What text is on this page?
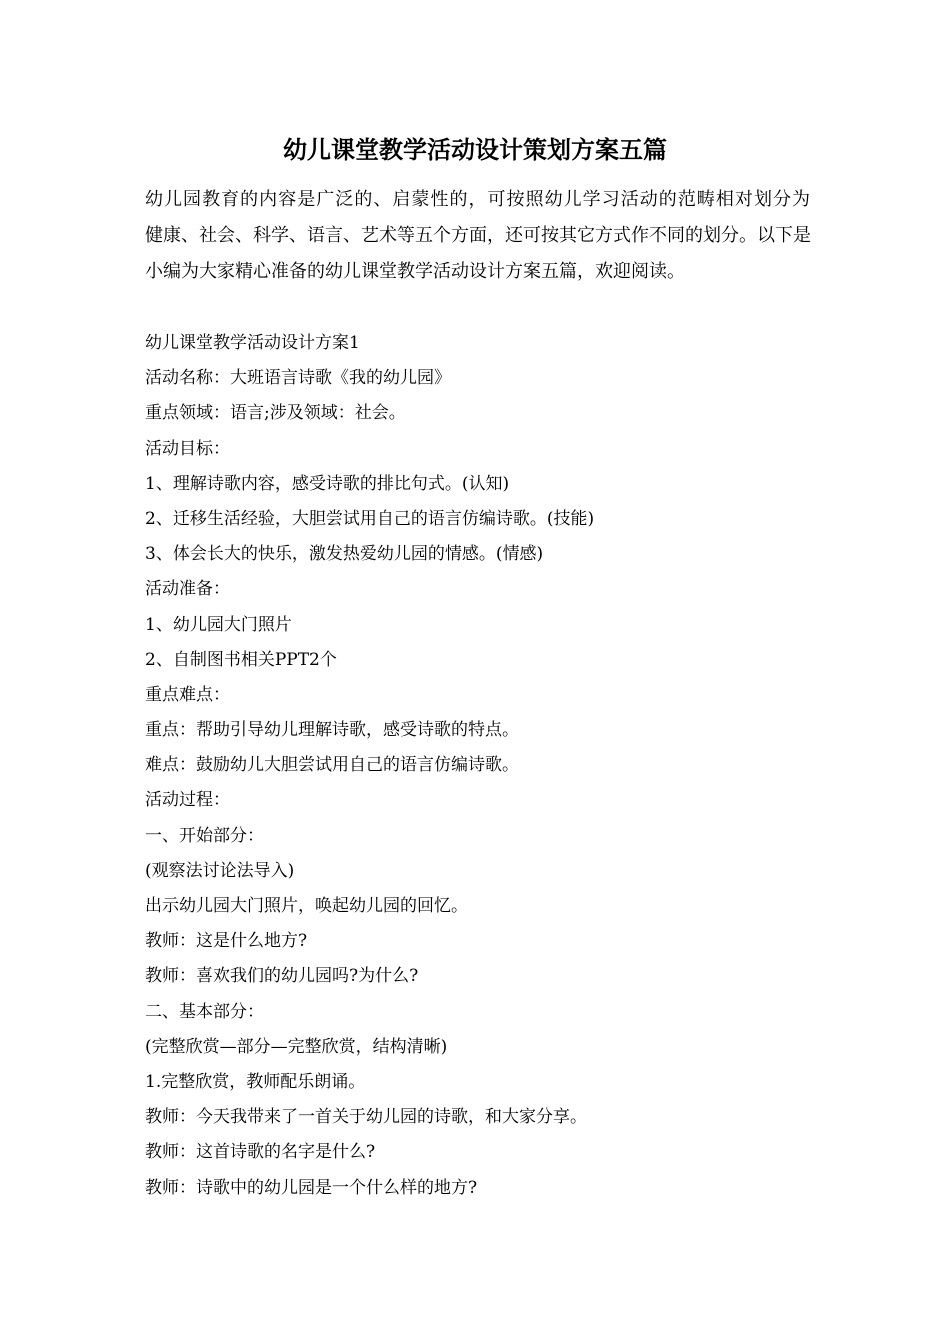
幼儿课堂教学活动设计策划方案五篇
幼儿园教育的内容是广泛的、启蒙性的，可按照幼儿学习活动的范畴相对划分为
健康、社会、科学、语言、艺术等五个方面，还可按其它方式作不同的划分。以下是
小编为大家精心准备的幼儿课堂教学活动设计方案五篇，欢迎阅读。
幼儿课堂教学活动设计方案1
活动名称：大班语言诗歌《我的幼儿园》
重点领域：语言;涉及领域：社会。
活动目标：
1、理解诗歌内容，感受诗歌的排比句式。(认知)
2、迁移生活经验，大胆尝试用自己的语言仿编诗歌。(技能)
3、体会长大的快乐，激发热爱幼儿园的情感。(情感)
活动准备：
1、幼儿园大门照片
2、自制图书相关PPT2个
重点难点：
重点：帮助引导幼儿理解诗歌，感受诗歌的特点。
难点：鼓励幼儿大胆尝试用自己的语言仿编诗歌。
活动过程：
一、开始部分：
(观察法讨论法导入)
出示幼儿园大门照片，唤起幼儿园的回忆。
教师：这是什么地方?
教师：喜欢我们的幼儿园吗?为什么?
二、基本部分：
(完整欣赏—部分—完整欣赏，结构清晰)
1.完整欣赏，教师配乐朗诵。
教师：今天我带来了一首关于幼儿园的诗歌，和大家分享。
教师：这首诗歌的名字是什么?
教师：诗歌中的幼儿园是一个什么样的地方?
